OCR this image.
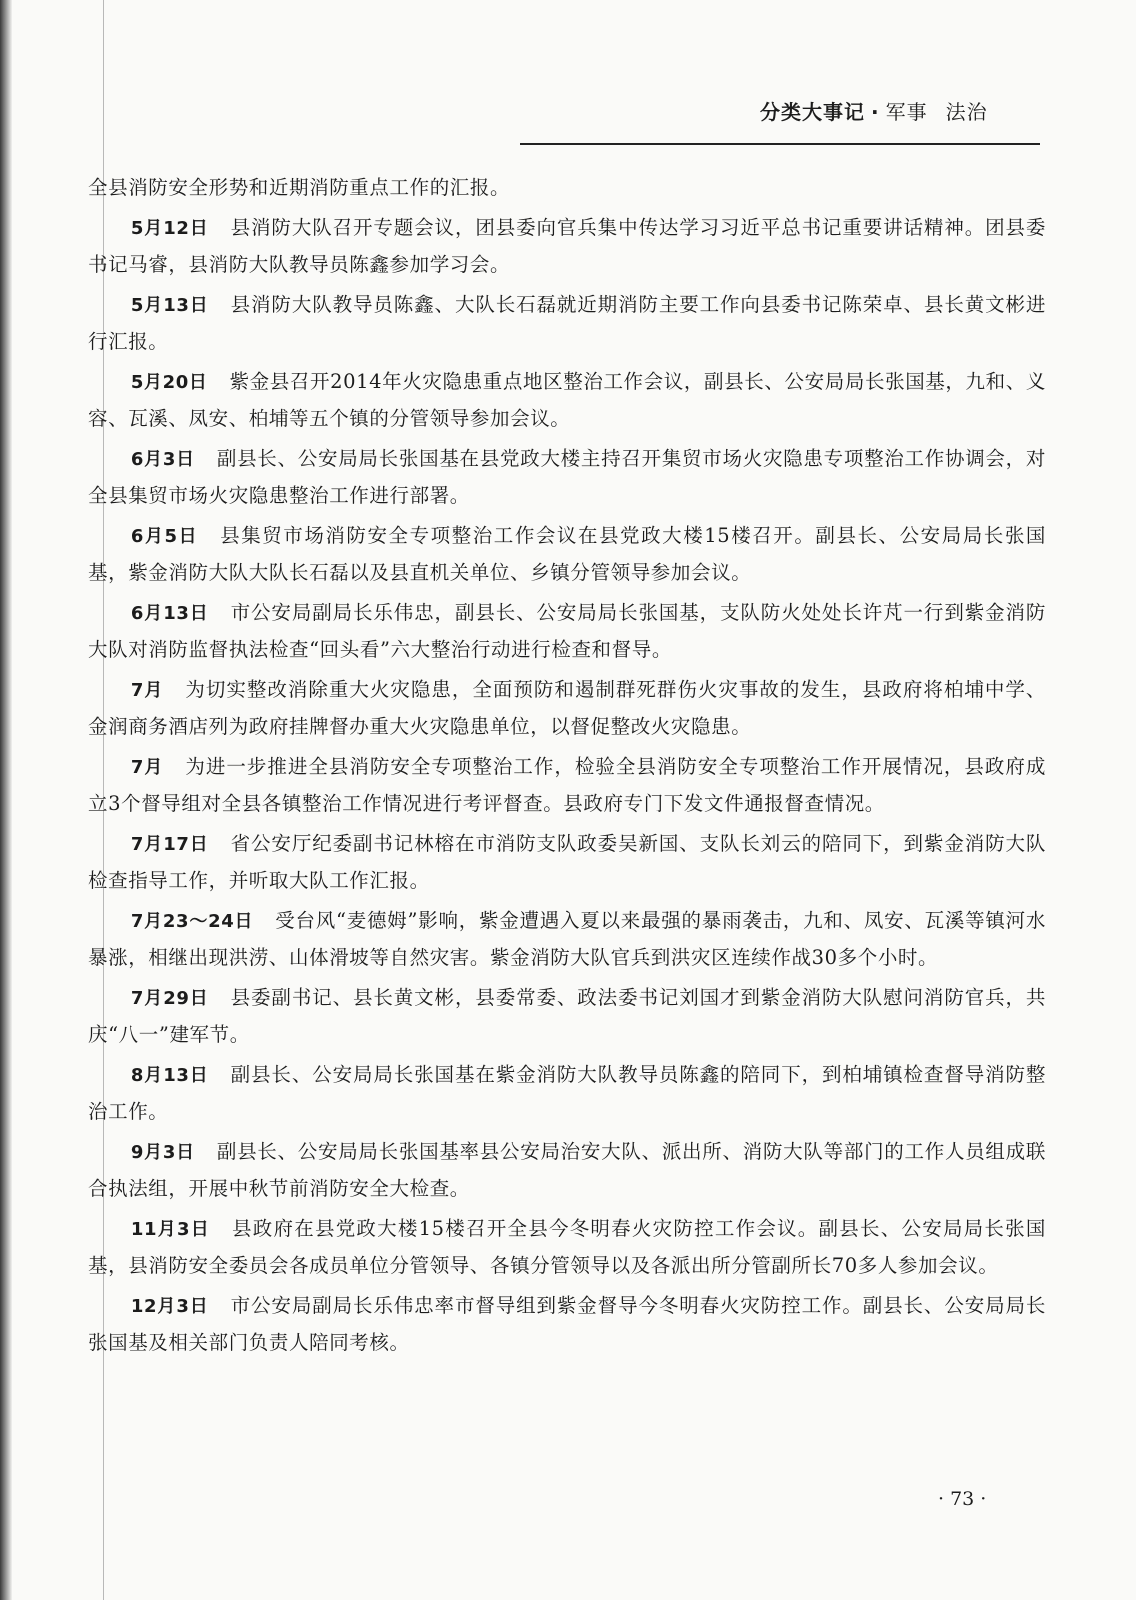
分类大事记 · 军事 法治

全县消防安全形势和近期消防重点工作的汇报。

5月12日 县消防大队召开专题会议，团县委向官兵集中传达学习习近平总书记重要讲话精神。团县委书记马睿，县消防大队教导员陈鑫参加学习会。

5月13日 县消防大队教导员陈鑫、大队长石磊就近期消防主要工作向县委书记陈荣卓、县长黄文彬进行汇报。

5月20日 紫金县召开2014年火灾隐患重点地区整治工作会议，副县长、公安局局长张国基，九和、义容、瓦溪、凤安、柏埔等五个镇的分管领导参加会议。

6月3日 副县长、公安局局长张国基在县党政大楼主持召开集贸市场火灾隐患专项整治工作协调会，对全县集贸市场火灾隐患整治工作进行部署。

6月5日 县集贸市场消防安全专项整治工作会议在县党政大楼15楼召开。副县长、公安局局长张国基，紫金消防大队大队长石磊以及县直机关单位、乡镇分管领导参加会议。

6月13日 市公安局副局长乐伟忠，副县长、公安局局长张国基，支队防火处处长许芃一行到紫金消防大队对消防监督执法检查“回头看”六大整治行动进行检查和督导。

7月 为切实整改消除重大火灾隐患，全面预防和遏制群死群伤火灾事故的发生，县政府将柏埔中学、金润商务酒店列为政府挂牌督办重大火灾隐患单位，以督促整改火灾隐患。

7月 为进一步推进全县消防安全专项整治工作，检验全县消防安全专项整治工作开展情况，县政府成立3个督导组对全县各镇整治工作情况进行考评督查。县政府专门下发文件通报督查情况。

7月17日 省公安厅纪委副书记林榕在市消防支队政委吴新国、支队长刘云的陪同下，到紫金消防大队检查指导工作，并听取大队工作汇报。

7月23～24日 受台风“麦德姆”影响，紫金遭遇入夏以来最强的暴雨袭击，九和、凤安、瓦溪等镇河水暴涨，相继出现洪涝、山体滑坡等自然灾害。紫金消防大队官兵到洪灾区连续作战30多个小时。

7月29日 县委副书记、县长黄文彬，县委常委、政法委书记刘国才到紫金消防大队慰问消防官兵，共庆“八一”建军节。

8月13日 副县长、公安局局长张国基在紫金消防大队教导员陈鑫的陪同下，到柏埔镇检查督导消防整治工作。

9月3日 副县长、公安局局长张国基率县公安局治安大队、派出所、消防大队等部门的工作人员组成联合执法组，开展中秋节前消防安全大检查。

11月3日 县政府在县党政大楼15楼召开全县今冬明春火灾防控工作会议。副县长、公安局局长张国基，县消防安全委员会各成员单位分管领导、各镇分管领导以及各派出所分管副所长70多人参加会议。

12月3日 市公安局副局长乐伟忠率市督导组到紫金督导今冬明春火灾防控工作。副县长、公安局局长张国基及相关部门负责人陪同考核。

· 73 ·
